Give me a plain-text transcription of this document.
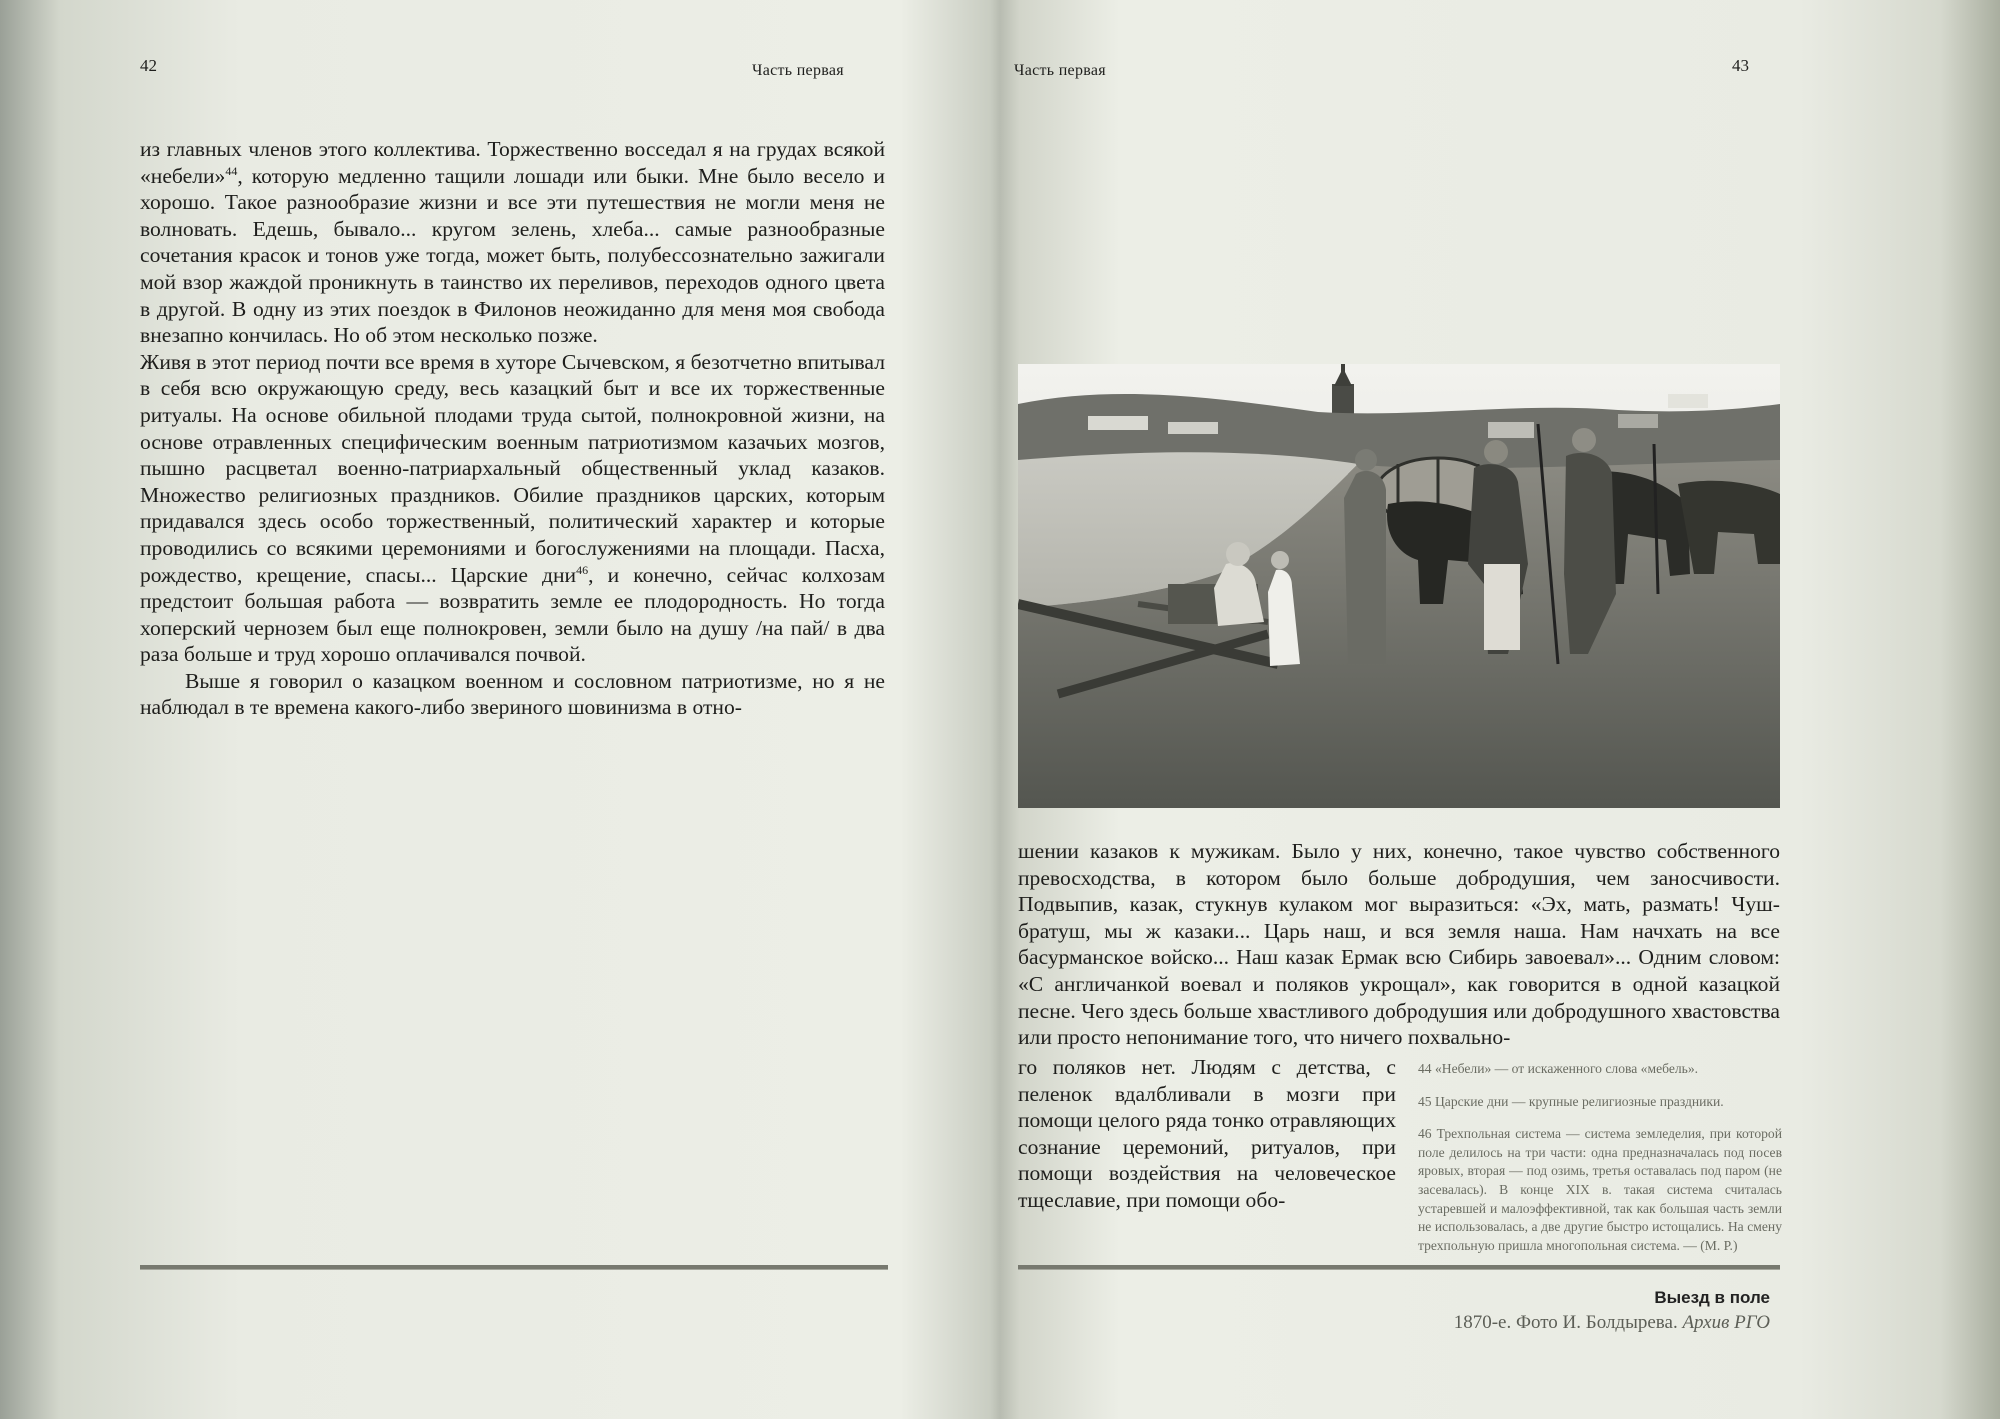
42	Часть первая

из главных членов этого коллектива. Торжественно восседал я на грудах всякой «небели»$^{44}$, которую медленно тащили лошади или быки. Мне было весело и хорошо. Такое разнообразие жизни и все эти путешествия не могли меня не волновать. Едешь, бывало... кругом зелень, хлеба... самые разнообразные сочетания красок и тонов уже тогда, может быть, полубессознательно зажигали мой взор жаждой проникнуть в таинство их переливов, переходов одного цвета в другой. В одну из этих поездок в Филонов неожиданно для меня моя свобода внезапно кончилась. Но об этом несколько позже.

Живя в этот период почти все время в хуторе Сычевском, я безотчетно впитывал в себя всю окружающую среду, весь казацкий быт и все их торжественные ритуалы. На основе обильной плодами труда сытой, полнокровной жизни, на основе отравленных специфическим военным патриотизмом казачьих мозгов, пышно расцветал военно-патриархальный общественный уклад казаков. Множество религиозных праздников. Обилие праздников царских, которым придавался здесь особо торжественный, политический характер и которые проводились со всякими церемониями и богослужениями на площади. Пасха, рождество, крещение, спасы... Царские дни$^{46}$, и конечно, сейчас колхозам предстоит большая работа — возвратить земле ее плодородность. Но тогда хоперский чернозем был еще полнокровен, земли было на душу /на пай/ в два раза больше и труд хорошо оплачивался почвой.

Выше я говорил о казацком военном и сословном патриотизме, но я не наблюдал в те времена какого-либо звериного шовинизма в отно-

Часть первая	43

шении казаков к мужикам. Было у них, конечно, такое чувство собственного превосходства, в котором было больше добродушия, чем заносчивости. Подвыпив, казак, стукнув кулаком мог выразиться: «Эх, мать, размать! Чуш-братуш, мы ж казаки... Царь наш, и вся земля наша. Нам начхать на все басурманское войско... Наш казак Ермак всю Сибирь завоевал»... Одним словом: «С англичанкой воевал и поляков укрощал», как говорится в одной казацкой песне. Чего здесь больше хвастливого добродушия или добродушного хвастовства или просто непонимание того, что ничего похвально-

го поляков нет. Людям с детства, с пеленок вдалбливали в мозги при помощи целого ряда тонко отравляющих сознание церемоний, ритуалов, при помощи воздействия на человеческое тщеславие, при помощи обо-

44 «Небели» — от искаженного слова «мебель».

45 Царские дни — крупные религиозные праздники.

46 Трехпольная система — система земледелия, при которой поле делилось на три части: одна предназначалась под посев яровых, вторая — под озимь, третья оставалась под паром (не засевалась). В конце XIX в. такая система считалась устаревшей и малоэффективной, так как большая часть земли не использовалась, а две другие быстро истощались. На смену трехпольную пришла многопольная система. — (М. Р.)

Выезд в поле
1870-е. Фото И. Болдырева. Архив РГО
